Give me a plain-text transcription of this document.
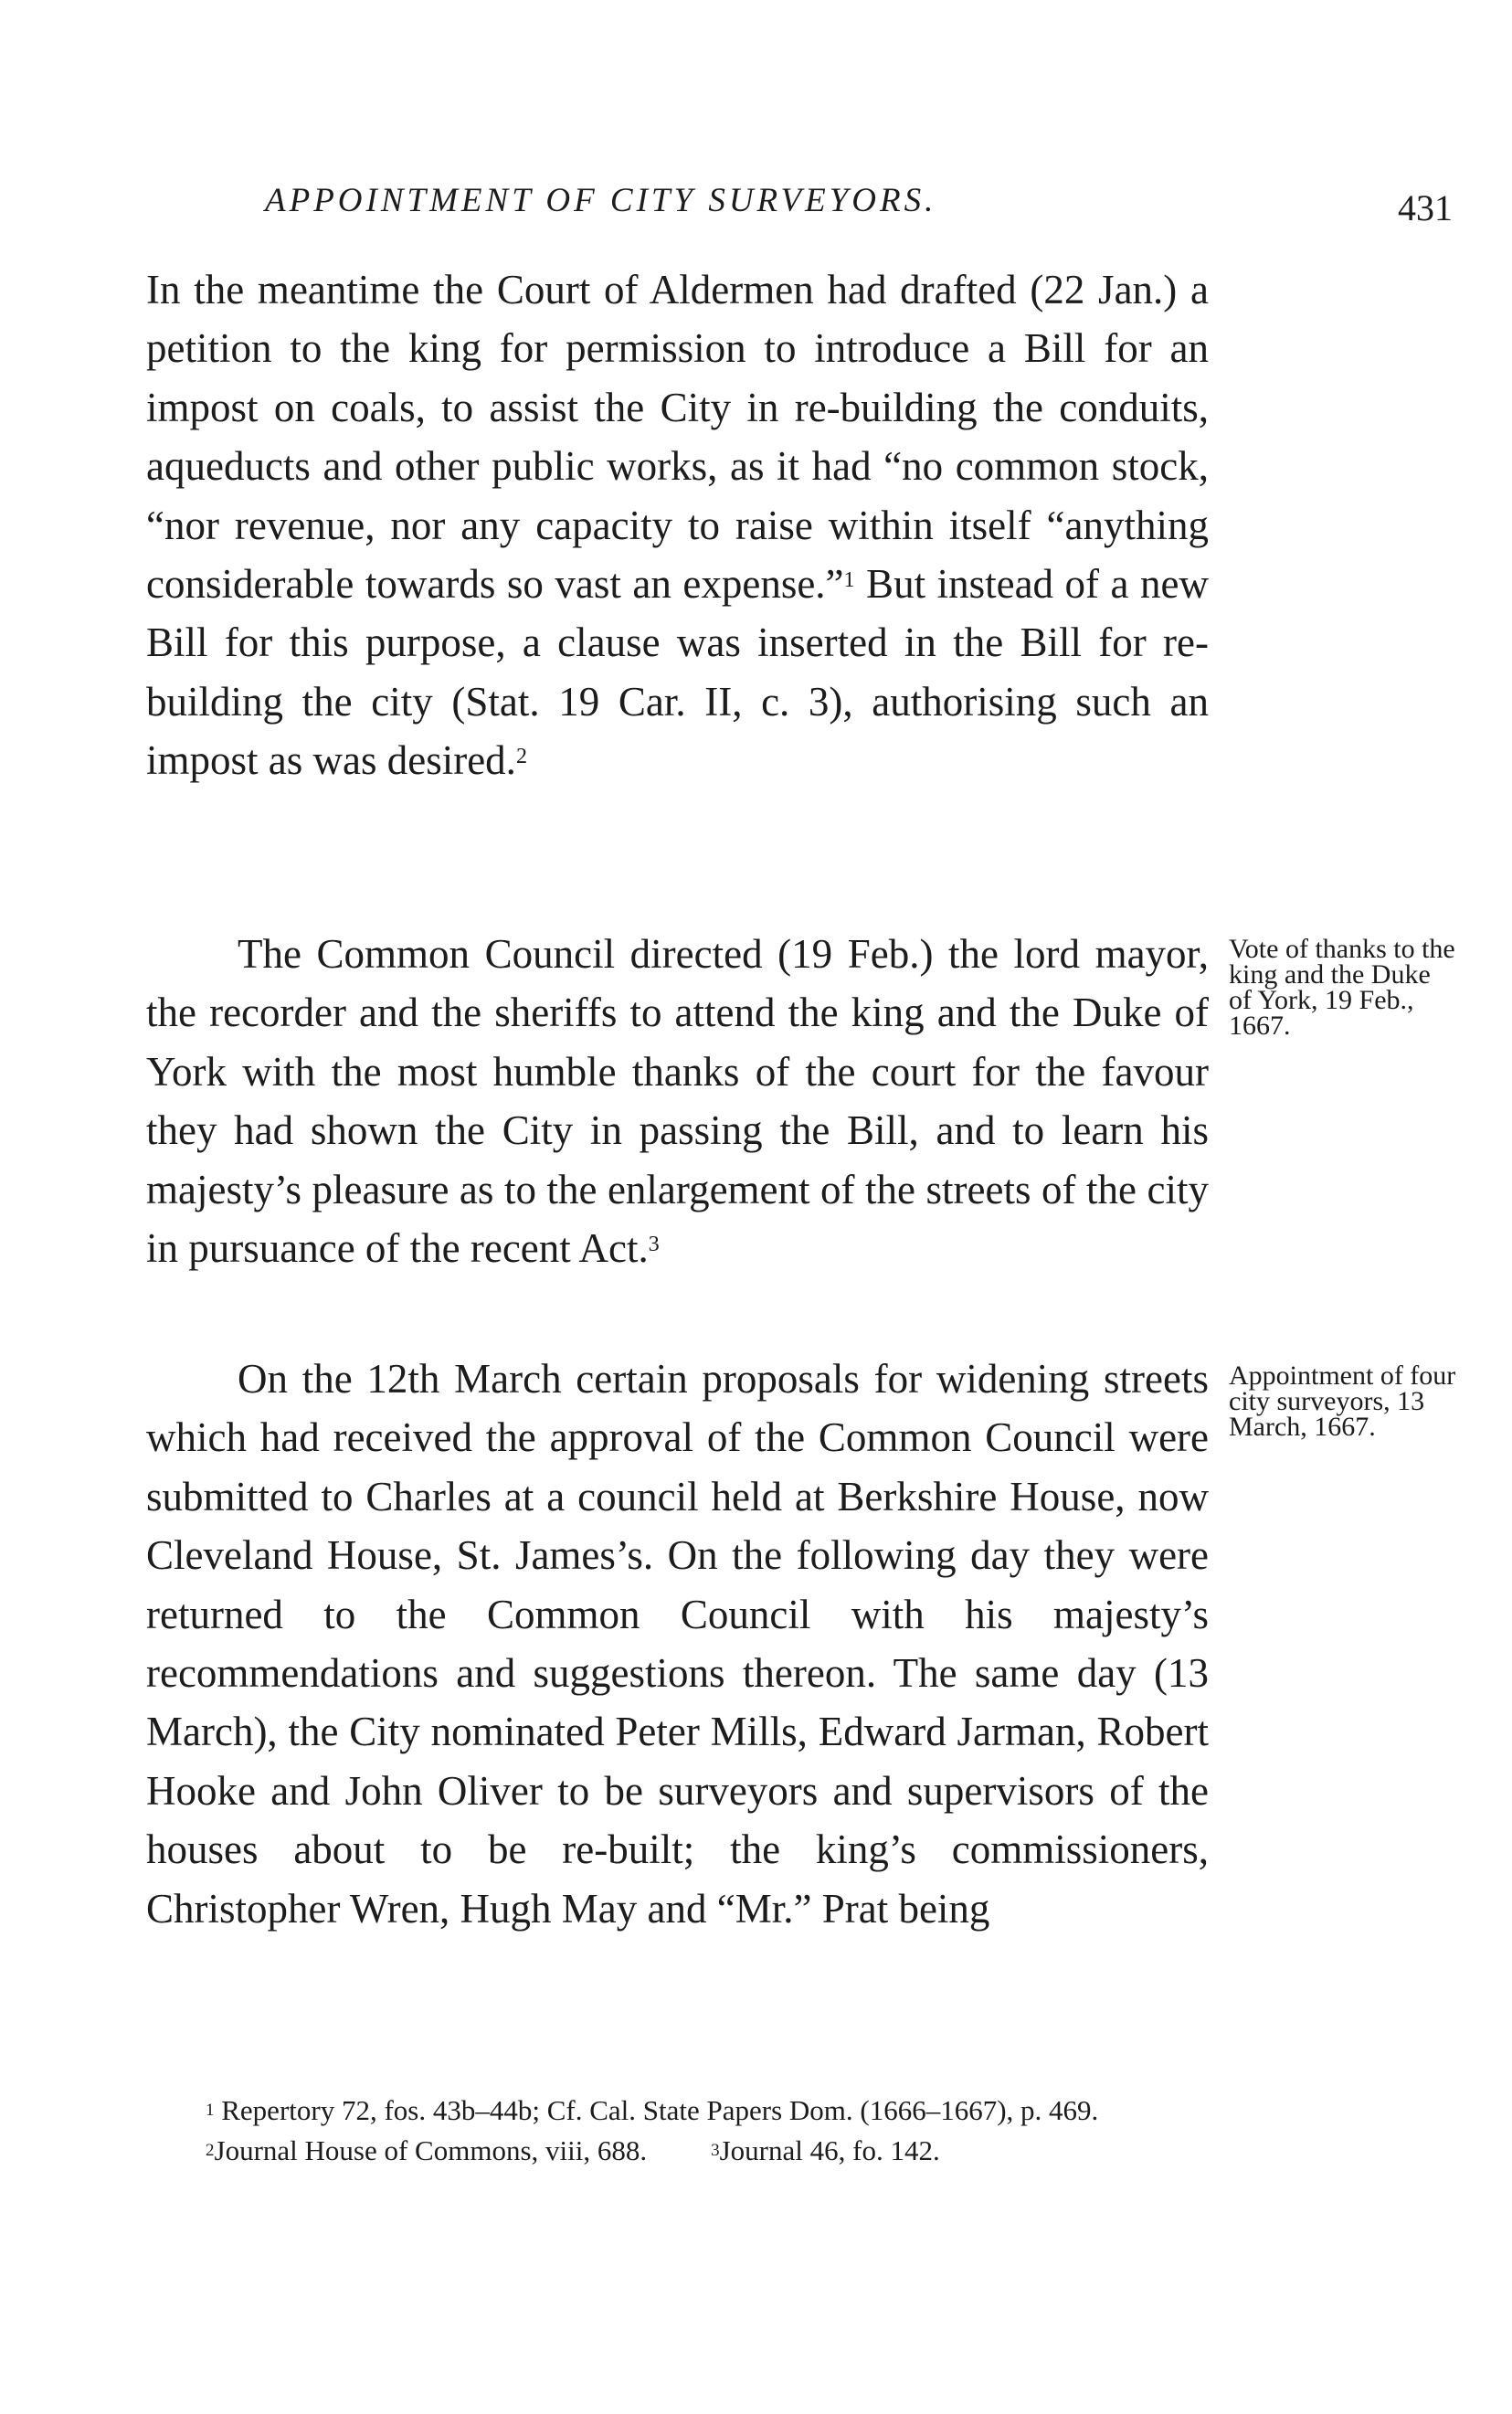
APPOINTMENT OF CITY SURVEYORS.	431

In the meantime the Court of Aldermen had drafted (22 Jan.) a petition to the king for permission to introduce a Bill for an impost on coals, to assist the City in re-building the conduits, aqueducts and other public works, as it had “no common stock, “nor revenue, nor any capacity to raise within itself “anything considerable towards so vast an expense.”$^1$ But instead of a new Bill for this purpose, a clause was inserted in the Bill for re-building the city (Stat. 19 Car. II, c. 3), authorising such an impost as was desired.$^2$

The Common Council directed (19 Feb.) the lord mayor, the recorder and the sheriffs to attend the king and the Duke of York with the most humble thanks of the court for the favour they had shown the City in passing the Bill, and to learn his majesty’s pleasure as to the enlargement of the streets of the city in pursuance of the recent Act.$^3$

Vote of thanks to the king and the Duke of York, 19 Feb., 1667.

On the 12th March certain proposals for widening streets which had received the approval of the Common Council were submitted to Charles at a council held at Berkshire House, now Cleveland House, St. James’s. On the following day they were returned to the Common Council with his majesty’s recommendations and suggestions thereon. The same day (13 March), the City nominated Peter Mills, Edward Jarman, Robert Hooke and John Oliver to be surveyors and supervisors of the houses about to be re-built; the king’s commissioners, Christopher Wren, Hugh May and “Mr.” Prat being

Appointment of four city surveyors, 13 March, 1667.

$^1$ Repertory 72, fos. 43b–44b; Cf. Cal. State Papers Dom. (1666–1667), p. 469.

$^2$Journal House of Commons, viii, 688.	$^3$Journal 46, fo. 142.
